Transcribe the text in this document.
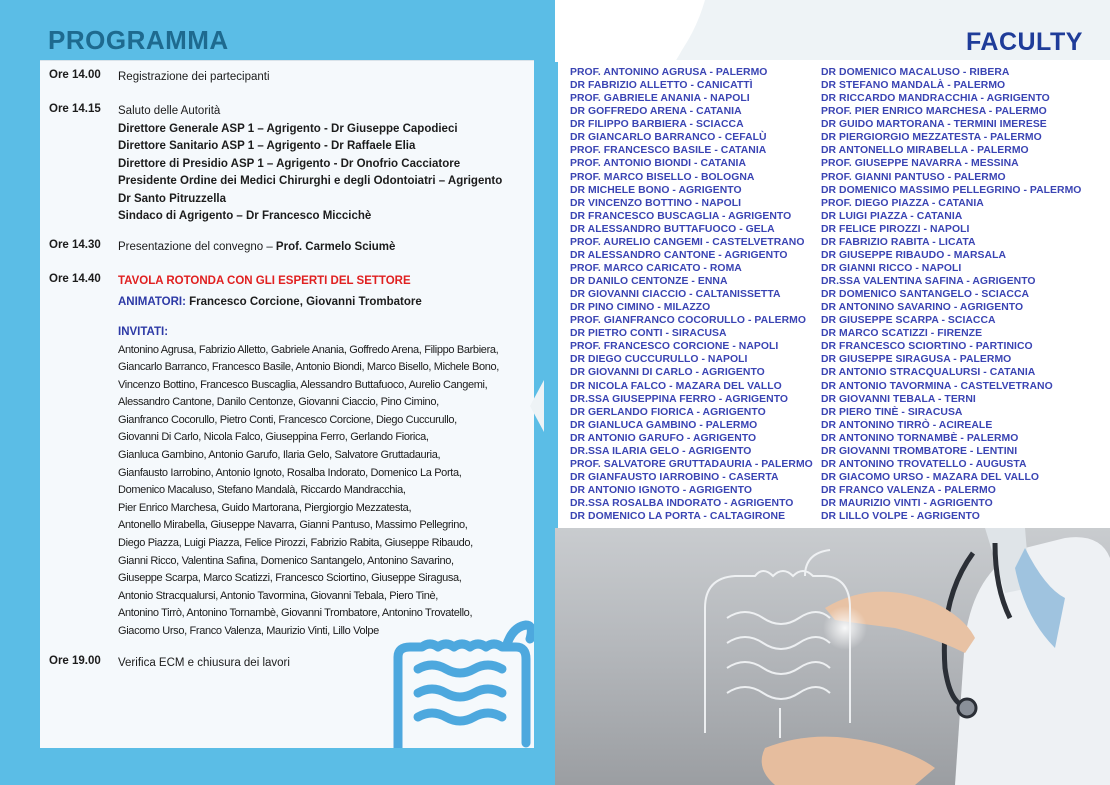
PROGRAMMA	FACULTY
Ore 14.00 Registrazione dei partecipanti
Ore 14.15 Saluto delle Autorità
Direttore Generale ASP 1 – Agrigento - Dr Giuseppe Capodieci
Direttore Sanitario ASP 1 – Agrigento - Dr Raffaele Elia
Direttore di Presidio ASP 1 – Agrigento - Dr Onofrio Cacciatore
Presidente Ordine dei Medici Chirurghi e degli Odontoiatri – Agrigento
Dr Santo Pitruzzella
Sindaco di Agrigento – Dr Francesco Miccichè
Ore 14.30 Presentazione del convegno – Prof. Carmelo Sciumè
Ore 14.40 TAVOLA ROTONDA CON GLI ESPERTI DEL SETTORE
ANIMATORI: Francesco Corcione, Giovanni Trombatore
INVITATI:
Antonino Agrusa, Fabrizio Alletto, Gabriele Anania, Goffredo Arena, Filippo Barbiera,
Giancarlo Barranco, Francesco Basile, Antonio Biondi, Marco Bisello, Michele Bono,
Vincenzo Bottino, Francesco Buscaglia, Alessandro Buttafuoco, Aurelio Cangemi,
Alessandro Cantone, Danilo Centonze, Giovanni Ciaccio, Pino Cimino,
Gianfranco Cocorullo, Pietro Conti, Francesco Corcione, Diego Cuccurullo,
Giovanni Di Carlo, Nicola Falco, Giuseppina Ferro, Gerlando Fiorica,
Gianluca Gambino, Antonio Garufo, Ilaria Gelo, Salvatore Gruttadauria,
Gianfausto Iarrobino, Antonio Ignoto, Rosalba Indorato, Domenico La Porta,
Domenico Macaluso, Stefano Mandalà, Riccardo Mandracchia,
Pier Enrico Marchesa, Guido Martorana, Piergiorgio Mezzatesta,
Antonello Mirabella, Giuseppe Navarra, Gianni Pantuso, Massimo Pellegrino,
Diego Piazza, Luigi Piazza, Felice Pirozzi, Fabrizio Rabita, Giuseppe Ribaudo,
Gianni Ricco, Valentina Safina, Domenico Santangelo, Antonino Savarino,
Giuseppe Scarpa, Marco Scatizzi, Francesco Sciortino, Giuseppe Siragusa,
Antonio Stracqualursi, Antonio Tavormina, Giovanni Tebala, Piero Tinè,
Antonino Tirrò, Antonino Tornambè, Giovanni Trombatore, Antonino Trovatello,
Giacomo Urso, Franco Valenza, Maurizio Vinti, Lillo Volpe
Ore 19.00 Verifica ECM e chiusura dei lavori
PROF. ANTONINO AGRUSA - PALERMO
DR FABRIZIO ALLETTO - CANICATTÌ
PROF. GABRIELE ANANIA - NAPOLI
DR GOFFREDO ARENA - CATANIA
DR FILIPPO BARBIERA - SCIACCA
DR GIANCARLO BARRANCO - CEFALÙ
PROF. FRANCESCO BASILE - CATANIA
PROF. ANTONIO BIONDI - CATANIA
PROF. MARCO BISELLO - BOLOGNA
DR MICHELE BONO - AGRIGENTO
DR VINCENZO BOTTINO - NAPOLI
DR FRANCESCO BUSCAGLIA - AGRIGENTO
DR ALESSANDRO BUTTAFUOCO - GELA
PROF. AURELIO CANGEMI - CASTELVETRANO
DR ALESSANDRO CANTONE - AGRIGENTO
PROF. MARCO CARICATO - ROMA
DR DANILO CENTONZE - ENNA
DR GIOVANNI CIACCIO - CALTANISSETTA
DR PINO CIMINO - MILAZZO
PROF. GIANFRANCO COCORULLO - PALERMO
DR PIETRO CONTI - SIRACUSA
PROF. FRANCESCO CORCIONE - NAPOLI
DR DIEGO CUCCURULLO - NAPOLI
DR GIOVANNI DI CARLO - AGRIGENTO
DR NICOLA FALCO - MAZARA DEL VALLO
DR.SSA GIUSEPPINA FERRO - AGRIGENTO
DR GERLANDO FIORICA - AGRIGENTO
DR GIANLUCA GAMBINO - PALERMO
DR ANTONIO GARUFO - AGRIGENTO
DR.SSA ILARIA GELO - AGRIGENTO
PROF. SALVATORE GRUTTADAURIA - PALERMO
DR GIANFAUSTO IARROBINO - CASERTA
DR ANTONIO IGNOTO - AGRIGENTO
DR.SSA ROSALBA INDORATO - AGRIGENTO
DR DOMENICO LA PORTA - CALTAGIRONE
DR DOMENICO MACALUSO - RIBERA
DR STEFANO MANDALÀ - PALERMO
DR RICCARDO MANDRACCHIA - AGRIGENTO
PROF. PIER ENRICO MARCHESA - PALERMO
DR GUIDO MARTORANA - TERMINI IMERESE
DR PIERGIORGIO MEZZATESTA - PALERMO
DR ANTONELLO MIRABELLA - PALERMO
PROF. GIUSEPPE NAVARRA - MESSINA
PROF. GIANNI PANTUSO - PALERMO
DR DOMENICO MASSIMO PELLEGRINO - PALERMO
PROF. DIEGO PIAZZA - CATANIA
DR LUIGI PIAZZA - CATANIA
DR FELICE PIROZZI - NAPOLI
DR FABRIZIO RABITA - LICATA
DR GIUSEPPE RIBAUDO - MARSALA
DR GIANNI RICCO - NAPOLI
DR.SSA VALENTINA SAFINA - AGRIGENTO
DR DOMENICO SANTANGELO - SCIACCA
DR ANTONINO SAVARINO - AGRIGENTO
DR GIUSEPPE SCARPA - SCIACCA
DR MARCO SCATIZZI - FIRENZE
DR FRANCESCO SCIORTINO - PARTINICO
DR GIUSEPPE SIRAGUSA - PALERMO
DR ANTONIO STRACQUALURSI - CATANIA
DR ANTONIO TAVORMINA - CASTELVETRANO
DR GIOVANNI TEBALA - TERNI
DR PIERO TINÈ - SIRACUSA
DR ANTONINO TIRRÒ - ACIREALE
DR ANTONINO TORNAMBÈ - PALERMO
DR GIOVANNI TROMBATORE - LENTINI
DR ANTONINO TROVATELLO - AUGUSTA
DR GIACOMO URSO - MAZARA DEL VALLO
DR FRANCO VALENZA - PALERMO
DR MAURIZIO VINTI - AGRIGENTO
DR LILLO VOLPE - AGRIGENTO
